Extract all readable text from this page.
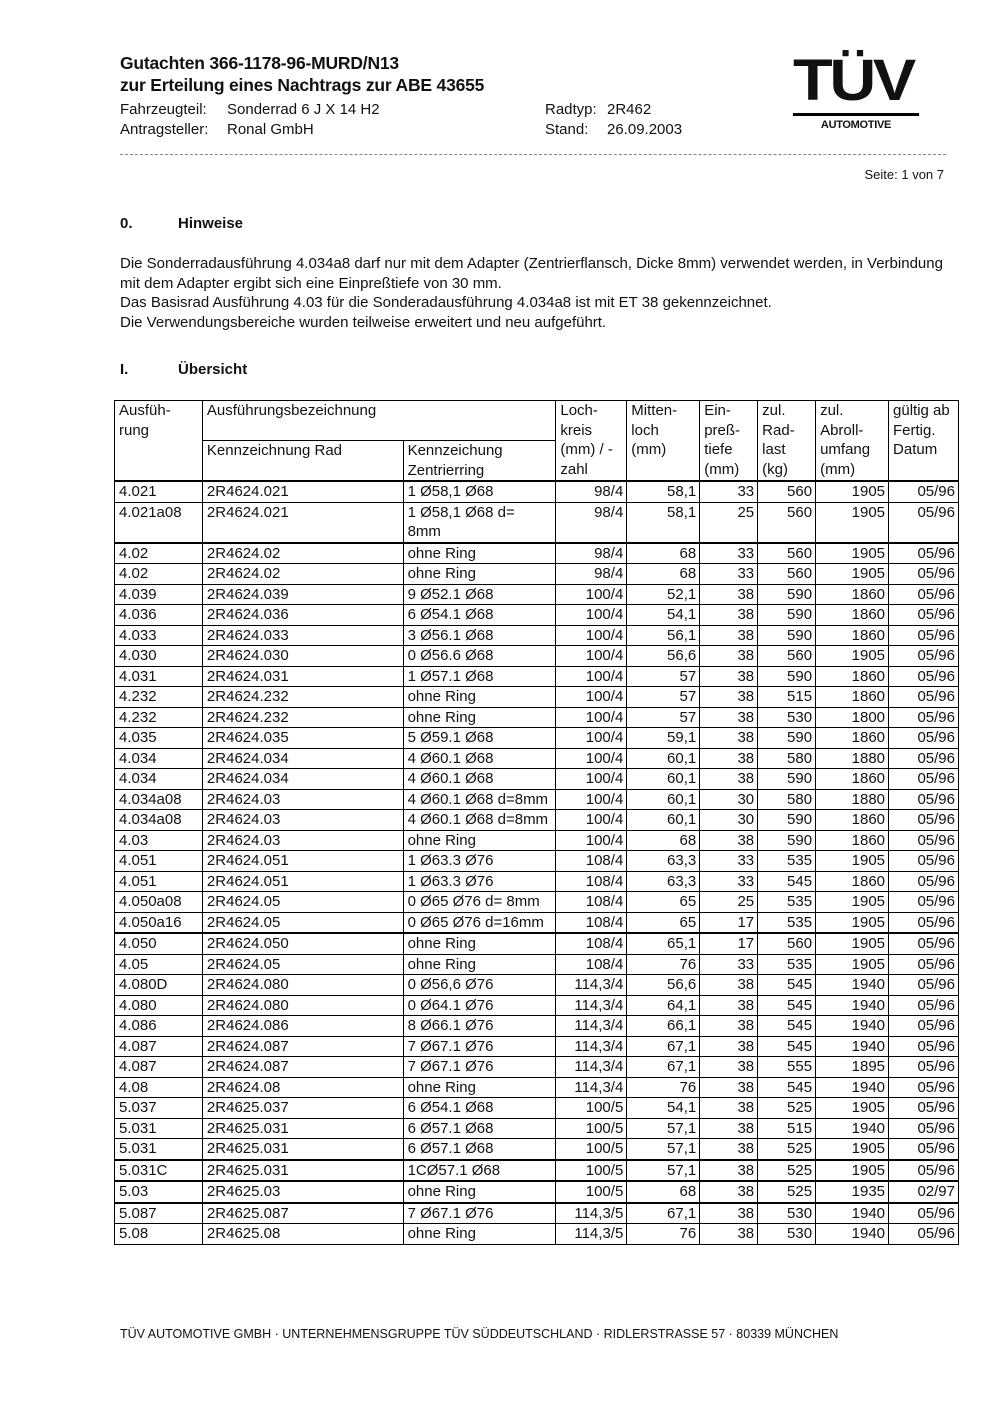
Gutachten 366-1178-96-MURD/N13
zur Erteilung eines Nachtrags zur ABE 43655
Fahrzeugteil: Sonderrad 6 J X 14 H2
Antragsteller: Ronal GmbH
Radtyp: 2R462
Stand: 26.09.2003
TÜV
AUTOMOTIVE
Seite: 1 von 7
0.	Hinweise
Die Sonderradausführung 4.034a8 darf nur mit dem Adapter (Zentrierflansch, Dicke 8mm) verwendet werden, in Verbindung mit dem Adapter ergibt sich eine Einpreßtiefe von 30 mm.
Das Basisrad Ausführung 4.03 für die Sonderadausführung 4.034a8 ist mit ET 38 gekennzeichnet.
Die Verwendungsbereiche wurden teilweise erweitert und neu aufgeführt.
I.	Übersicht
Ausfüh- rung	Ausführungsbezeichnung		Loch- kreis (mm) / -zahl	Mitten- loch (mm)	Ein- preß- tiefe (mm)	zul. Rad- last (kg)	zul. Abroll- umfang (mm)	gültig ab Fertig. Datum
	Kennzeichnung Rad	Kennzeichung Zentrierring						
4.021	2R4624.021	1 Ø58,1 Ø68	98/4	58,1	33	560	1905	05/96
4.021a08	2R4624.021	1 Ø58,1 Ø68 d= 8mm	98/4	58,1	25	560	1905	05/96
4.02	2R4624.02	ohne Ring	98/4	68	33	560	1905	05/96
4.02	2R4624.02	ohne Ring	98/4	68	33	560	1905	05/96
4.039	2R4624.039	9 Ø52.1 Ø68	100/4	52,1	38	590	1860	05/96
4.036	2R4624.036	6 Ø54.1 Ø68	100/4	54,1	38	590	1860	05/96
4.033	2R4624.033	3 Ø56.1 Ø68	100/4	56,1	38	590	1860	05/96
4.030	2R4624.030	0 Ø56.6 Ø68	100/4	56,6	38	560	1905	05/96
4.031	2R4624.031	1 Ø57.1 Ø68	100/4	57	38	590	1860	05/96
4.232	2R4624.232	ohne Ring	100/4	57	38	515	1860	05/96
4.232	2R4624.232	ohne Ring	100/4	57	38	530	1800	05/96
4.035	2R4624.035	5 Ø59.1 Ø68	100/4	59,1	38	590	1860	05/96
4.034	2R4624.034	4 Ø60.1 Ø68	100/4	60,1	38	580	1880	05/96
4.034	2R4624.034	4 Ø60.1 Ø68	100/4	60,1	38	590	1860	05/96
4.034a08	2R4624.03	4 Ø60.1 Ø68 d=8mm	100/4	60,1	30	580	1880	05/96
4.034a08	2R4624.03	4 Ø60.1 Ø68 d=8mm	100/4	60,1	30	590	1860	05/96
4.03	2R4624.03	ohne Ring	100/4	68	38	590	1860	05/96
4.051	2R4624.051	1 Ø63.3 Ø76	108/4	63,3	33	535	1905	05/96
4.051	2R4624.051	1 Ø63.3 Ø76	108/4	63,3	33	545	1860	05/96
4.050a08	2R4624.05	0 Ø65 Ø76 d= 8mm	108/4	65	25	535	1905	05/96
4.050a16	2R4624.05	0 Ø65 Ø76 d=16mm	108/4	65	17	535	1905	05/96
4.050	2R4624.050	ohne Ring	108/4	65,1	17	560	1905	05/96
4.05	2R4624.05	ohne Ring	108/4	76	33	535	1905	05/96
4.080D	2R4624.080	0 Ø56,6 Ø76	114,3/4	56,6	38	545	1940	05/96
4.080	2R4624.080	0 Ø64.1 Ø76	114,3/4	64,1	38	545	1940	05/96
4.086	2R4624.086	8 Ø66.1 Ø76	114,3/4	66,1	38	545	1940	05/96
4.087	2R4624.087	7 Ø67.1 Ø76	114,3/4	67,1	38	545	1940	05/96
4.087	2R4624.087	7 Ø67.1 Ø76	114,3/4	67,1	38	555	1895	05/96
4.08	2R4624.08	ohne Ring	114,3/4	76	38	545	1940	05/96
5.037	2R4625.037	6 Ø54.1 Ø68	100/5	54,1	38	525	1905	05/96
5.031	2R4625.031	6 Ø57.1 Ø68	100/5	57,1	38	515	1940	05/96
5.031	2R4625.031	6 Ø57.1 Ø68	100/5	57,1	38	525	1905	05/96
5.031C	2R4625.031	1CØ57.1 Ø68	100/5	57,1	38	525	1905	05/96
5.03	2R4625.03	ohne Ring	100/5	68	38	525	1935	02/97
5.087	2R4625.087	7 Ø67.1 Ø76	114,3/5	67,1	38	530	1940	05/96
5.08	2R4625.08	ohne Ring	114,3/5	76	38	530	1940	05/96
TÜV AUTOMOTIVE GMBH · UNTERNEHMENSGRUPPE TÜV SÜDDEUTSCHLAND · RIDLERSTRASSE 57 · 80339 MÜNCHEN
